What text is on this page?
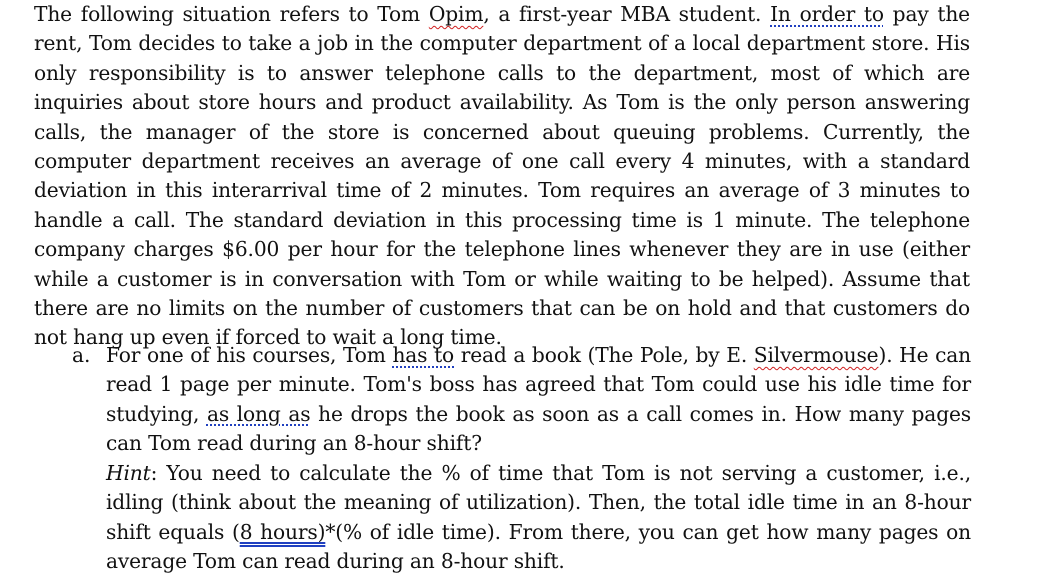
The following situation refers to Tom Opim, a first-year MBA student. In order to pay the rent, Tom decides to take a job in the computer department of a local department store. His only responsibility is to answer telephone calls to the department, most of which are inquiries about store hours and product availability. As Tom is the only person answering calls, the manager of the store is concerned about queuing problems. Currently, the computer department receives an average of one call every 4 minutes, with a standard deviation in this interarrival time of 2 minutes. Tom requires an average of 3 minutes to handle a call. The standard deviation in this processing time is 1 minute. The telephone company charges $6.00 per hour for the telephone lines whenever they are in use (either while a customer is in conversation with Tom or while waiting to be helped). Assume that there are no limits on the number of customers that can be on hold and that customers do not hang up even if forced to wait a long time.

a. For one of his courses, Tom has to read a book (The Pole, by E. Silvermouse). He can read 1 page per minute. Tom's boss has agreed that Tom could use his idle time for studying, as long as he drops the book as soon as a call comes in. How many pages can Tom read during an 8-hour shift?

Hint: You need to calculate the % of time that Tom is not serving a customer, i.e., idling (think about the meaning of utilization). Then, the total idle time in an 8-hour shift equals (8 hours)*(% of idle time). From there, you can get how many pages on average Tom can read during an 8-hour shift.
